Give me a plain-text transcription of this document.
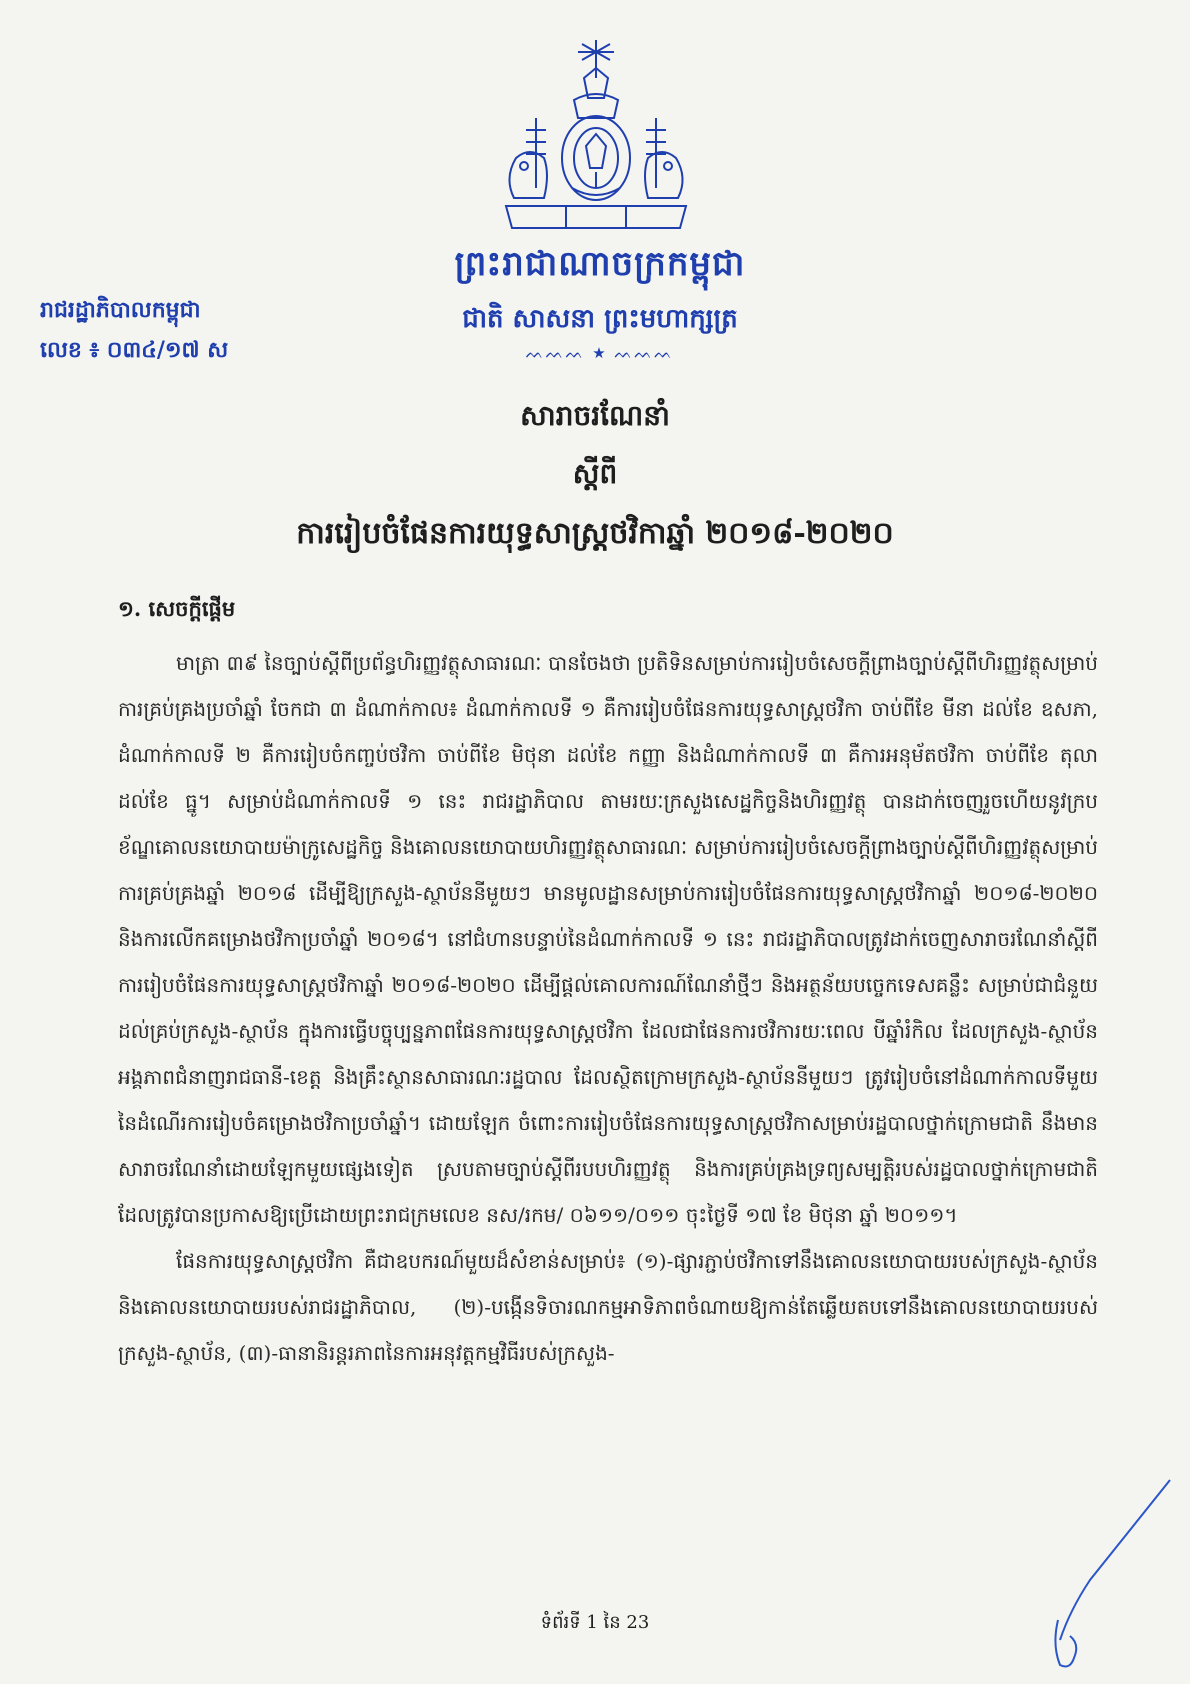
ព្រះរាជាណាចក្រកម្ពុជា
ជាតិ សាសនា ព្រះមហាក្សត្រ
ᨓᨓᨓ ★ ᨓᨓᨓ
រាជរដ្ឋាភិបាលកម្ពុជា
លេខ ៖ ០៣៤/១៧ ស
សារាចរណែនាំ
ស្តីពី
ការរៀបចំផែនការយុទ្ធសាស្ត្រថវិកាឆ្នាំ ២០១៨-២០២០
១. សេចក្តីផ្តើម

មាត្រា ៣៩ នៃច្បាប់ស្តីពីប្រព័ន្ធហិរញ្ញវត្ថុសាធារណៈ បានចែងថា ប្រតិទិនសម្រាប់ការរៀបចំសេចក្តីព្រាងច្បាប់ស្តីពីហិរញ្ញវត្ថុសម្រាប់ការគ្រប់គ្រងប្រចាំឆ្នាំ ចែកជា ៣ ដំណាក់កាល៖ ដំណាក់កាលទី ១ គឺការរៀបចំផែនការយុទ្ធសាស្ត្រថវិកា ចាប់ពីខែ មីនា ដល់ខែ ឧសភា, ដំណាក់កាលទី ២ គឺការរៀបចំកញ្ចប់ថវិកា ចាប់ពីខែ មិថុនា ដល់ខែ កញ្ញា និងដំណាក់កាលទី ៣ គឺការអនុម័តថវិកា ចាប់ពីខែ តុលា ដល់ខែ ធ្នូ។ សម្រាប់ដំណាក់កាលទី ១ នេះ រាជរដ្ឋាភិបាល តាមរយៈក្រសួងសេដ្ឋកិច្ចនិងហិរញ្ញវត្ថុ បានដាក់ចេញរួចហើយនូវក្របខ័ណ្ឌគោលនយោបាយម៉ាក្រូសេដ្ឋកិច្ច និងគោលនយោបាយហិរញ្ញវត្ថុសាធារណៈ សម្រាប់ការរៀបចំសេចក្តីព្រាងច្បាប់ស្តីពីហិរញ្ញវត្ថុសម្រាប់ការគ្រប់គ្រងឆ្នាំ ២០១៨ ដើម្បីឱ្យក្រសួង-ស្ថាប័ននីមួយៗ មានមូលដ្ឋានសម្រាប់ការរៀបចំផែនការយុទ្ធសាស្ត្រថវិកាឆ្នាំ ២០១៨-២០២០ និងការលើកគម្រោងថវិកាប្រចាំឆ្នាំ ២០១៨។ នៅជំហានបន្ទាប់នៃដំណាក់កាលទី ១ នេះ រាជរដ្ឋាភិបាលត្រូវដាក់ចេញសារាចរណែនាំស្តីពីការរៀបចំផែនការយុទ្ធសាស្ត្រថវិកាឆ្នាំ ២០១៨-២០២០ ដើម្បីផ្តល់គោលការណ៍ណែនាំថ្មីៗ និងអត្ថន័យបច្ចេកទេសគន្លឹះ សម្រាប់ជាជំនួយដល់គ្រប់ក្រសួង-ស្ថាប័ន ក្នុងការធ្វើបច្ចុប្បន្នភាពផែនការយុទ្ធសាស្ត្រថវិកា ដែលជាផែនការថវិការយៈពេល បីឆ្នាំរំកិល ដែលក្រសួង-ស្ថាប័ន អង្គភាពជំនាញរាជធានី-ខេត្ត និងគ្រឹះស្ថានសាធារណៈរដ្ឋបាល ដែលស្ថិតក្រោមក្រសួង-ស្ថាប័ននីមួយៗ ត្រូវរៀបចំនៅដំណាក់កាលទីមួយ នៃដំណើរការរៀបចំគម្រោងថវិកាប្រចាំឆ្នាំ។ ដោយឡែក ចំពោះការរៀបចំផែនការយុទ្ធសាស្ត្រថវិកាសម្រាប់រដ្ឋបាលថ្នាក់ក្រោមជាតិ នឹងមានសារាចរណែនាំដោយឡែកមួយផ្សេងទៀត ស្របតាមច្បាប់ស្តីពីរបបហិរញ្ញវត្ថុ និងការគ្រប់គ្រងទ្រព្យសម្បត្តិរបស់រដ្ឋបាលថ្នាក់ក្រោមជាតិ ដែលត្រូវបានប្រកាសឱ្យប្រើដោយព្រះរាជក្រមលេខ នស/រកម/ ០៦១១/០១១ ចុះថ្ងៃទី ១៧ ខែ មិថុនា ឆ្នាំ ២០១១។

ផែនការយុទ្ធសាស្ត្រថវិកា គឺជាឧបករណ៍មួយដ៏សំខាន់សម្រាប់៖ (១)-ផ្សារភ្ជាប់ថវិកាទៅនឹងគោលនយោបាយរបស់ក្រសួង-ស្ថាប័ន និងគោលនយោបាយរបស់រាជរដ្ឋាភិបាល, (២)-បង្កើនទិចារណកម្មអាទិភាពចំណាយឱ្យកាន់តែឆ្លើយតបទៅនឹងគោលនយោបាយរបស់ក្រសួង-ស្ថាប័ន, (៣)-ធានានិរន្តរភាពនៃការអនុវត្តកម្មវិធីរបស់ក្រសួង-

ទំព័រទី 1 នៃ 23
